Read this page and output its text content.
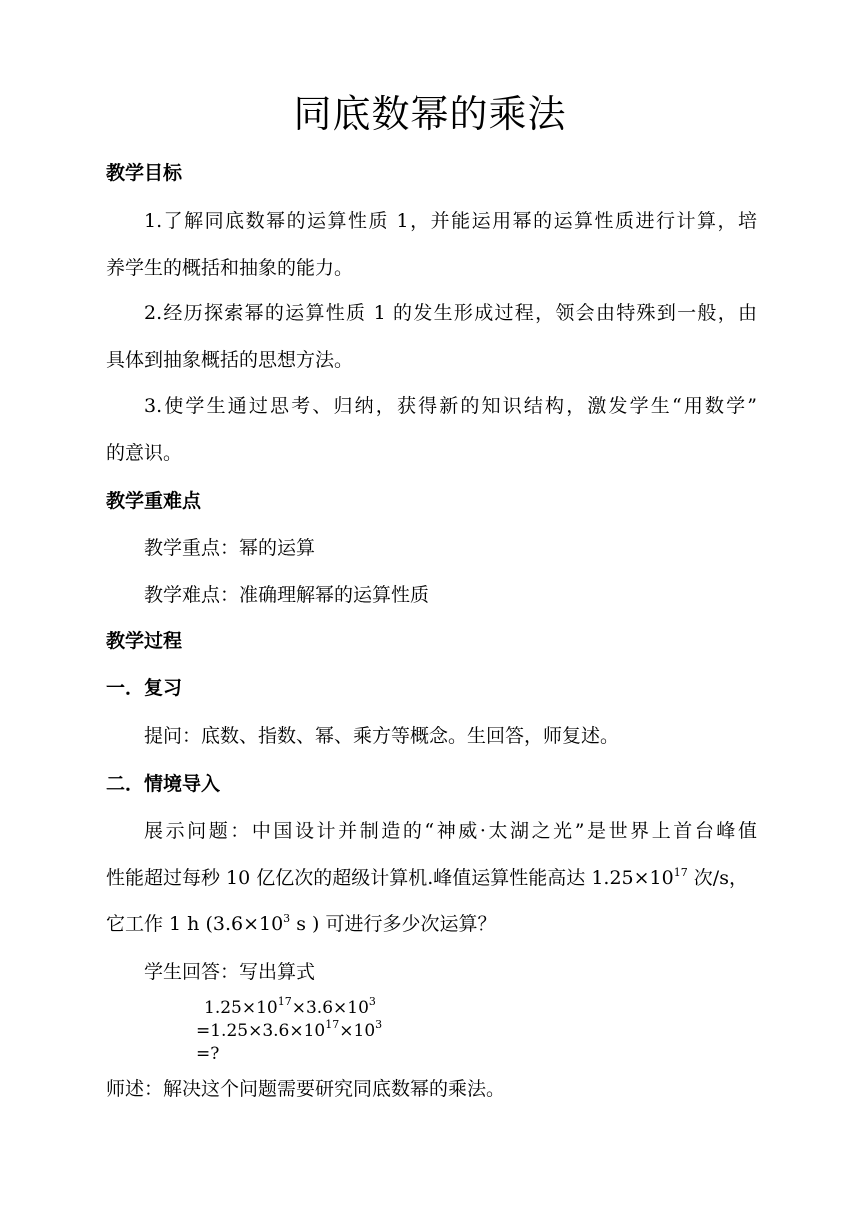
同底数幂的乘法
教学目标
1.了解同底数幂的运算性质 1，并能运用幂的运算性质进行计算，培
养学生的概括和抽象的能力。
2.经历探索幂的运算性质 1 的发生形成过程，领会由特殊到一般，由
具体到抽象概括的思想方法。
3.使学生通过思考、归纳，获得新的知识结构，激发学生“用数学”
的意识。
教学重难点
教学重点：幂的运算
教学难点：准确理解幂的运算性质
教学过程
一．复习
提问：底数、指数、幂、乘方等概念。生回答，师复述。
二．情境导入
展示问题：中国设计并制造的“神威·太湖之光”是世界上首台峰值
性能超过每秒 10 亿亿次的超级计算机.峰值运算性能高达 $1.25\times 10^{17}$ 次/s，
它工作 1 h ($3.6\times 10^3$ s ) 可进行多少次运算？
学生回答：写出算式
$1.25\times 10^{17}\times 3.6\times 10^3$
$=1.25\times 3.6\times 10^{17}\times 10^3$
=?
师述：解决这个问题需要研究同底数幂的乘法。
